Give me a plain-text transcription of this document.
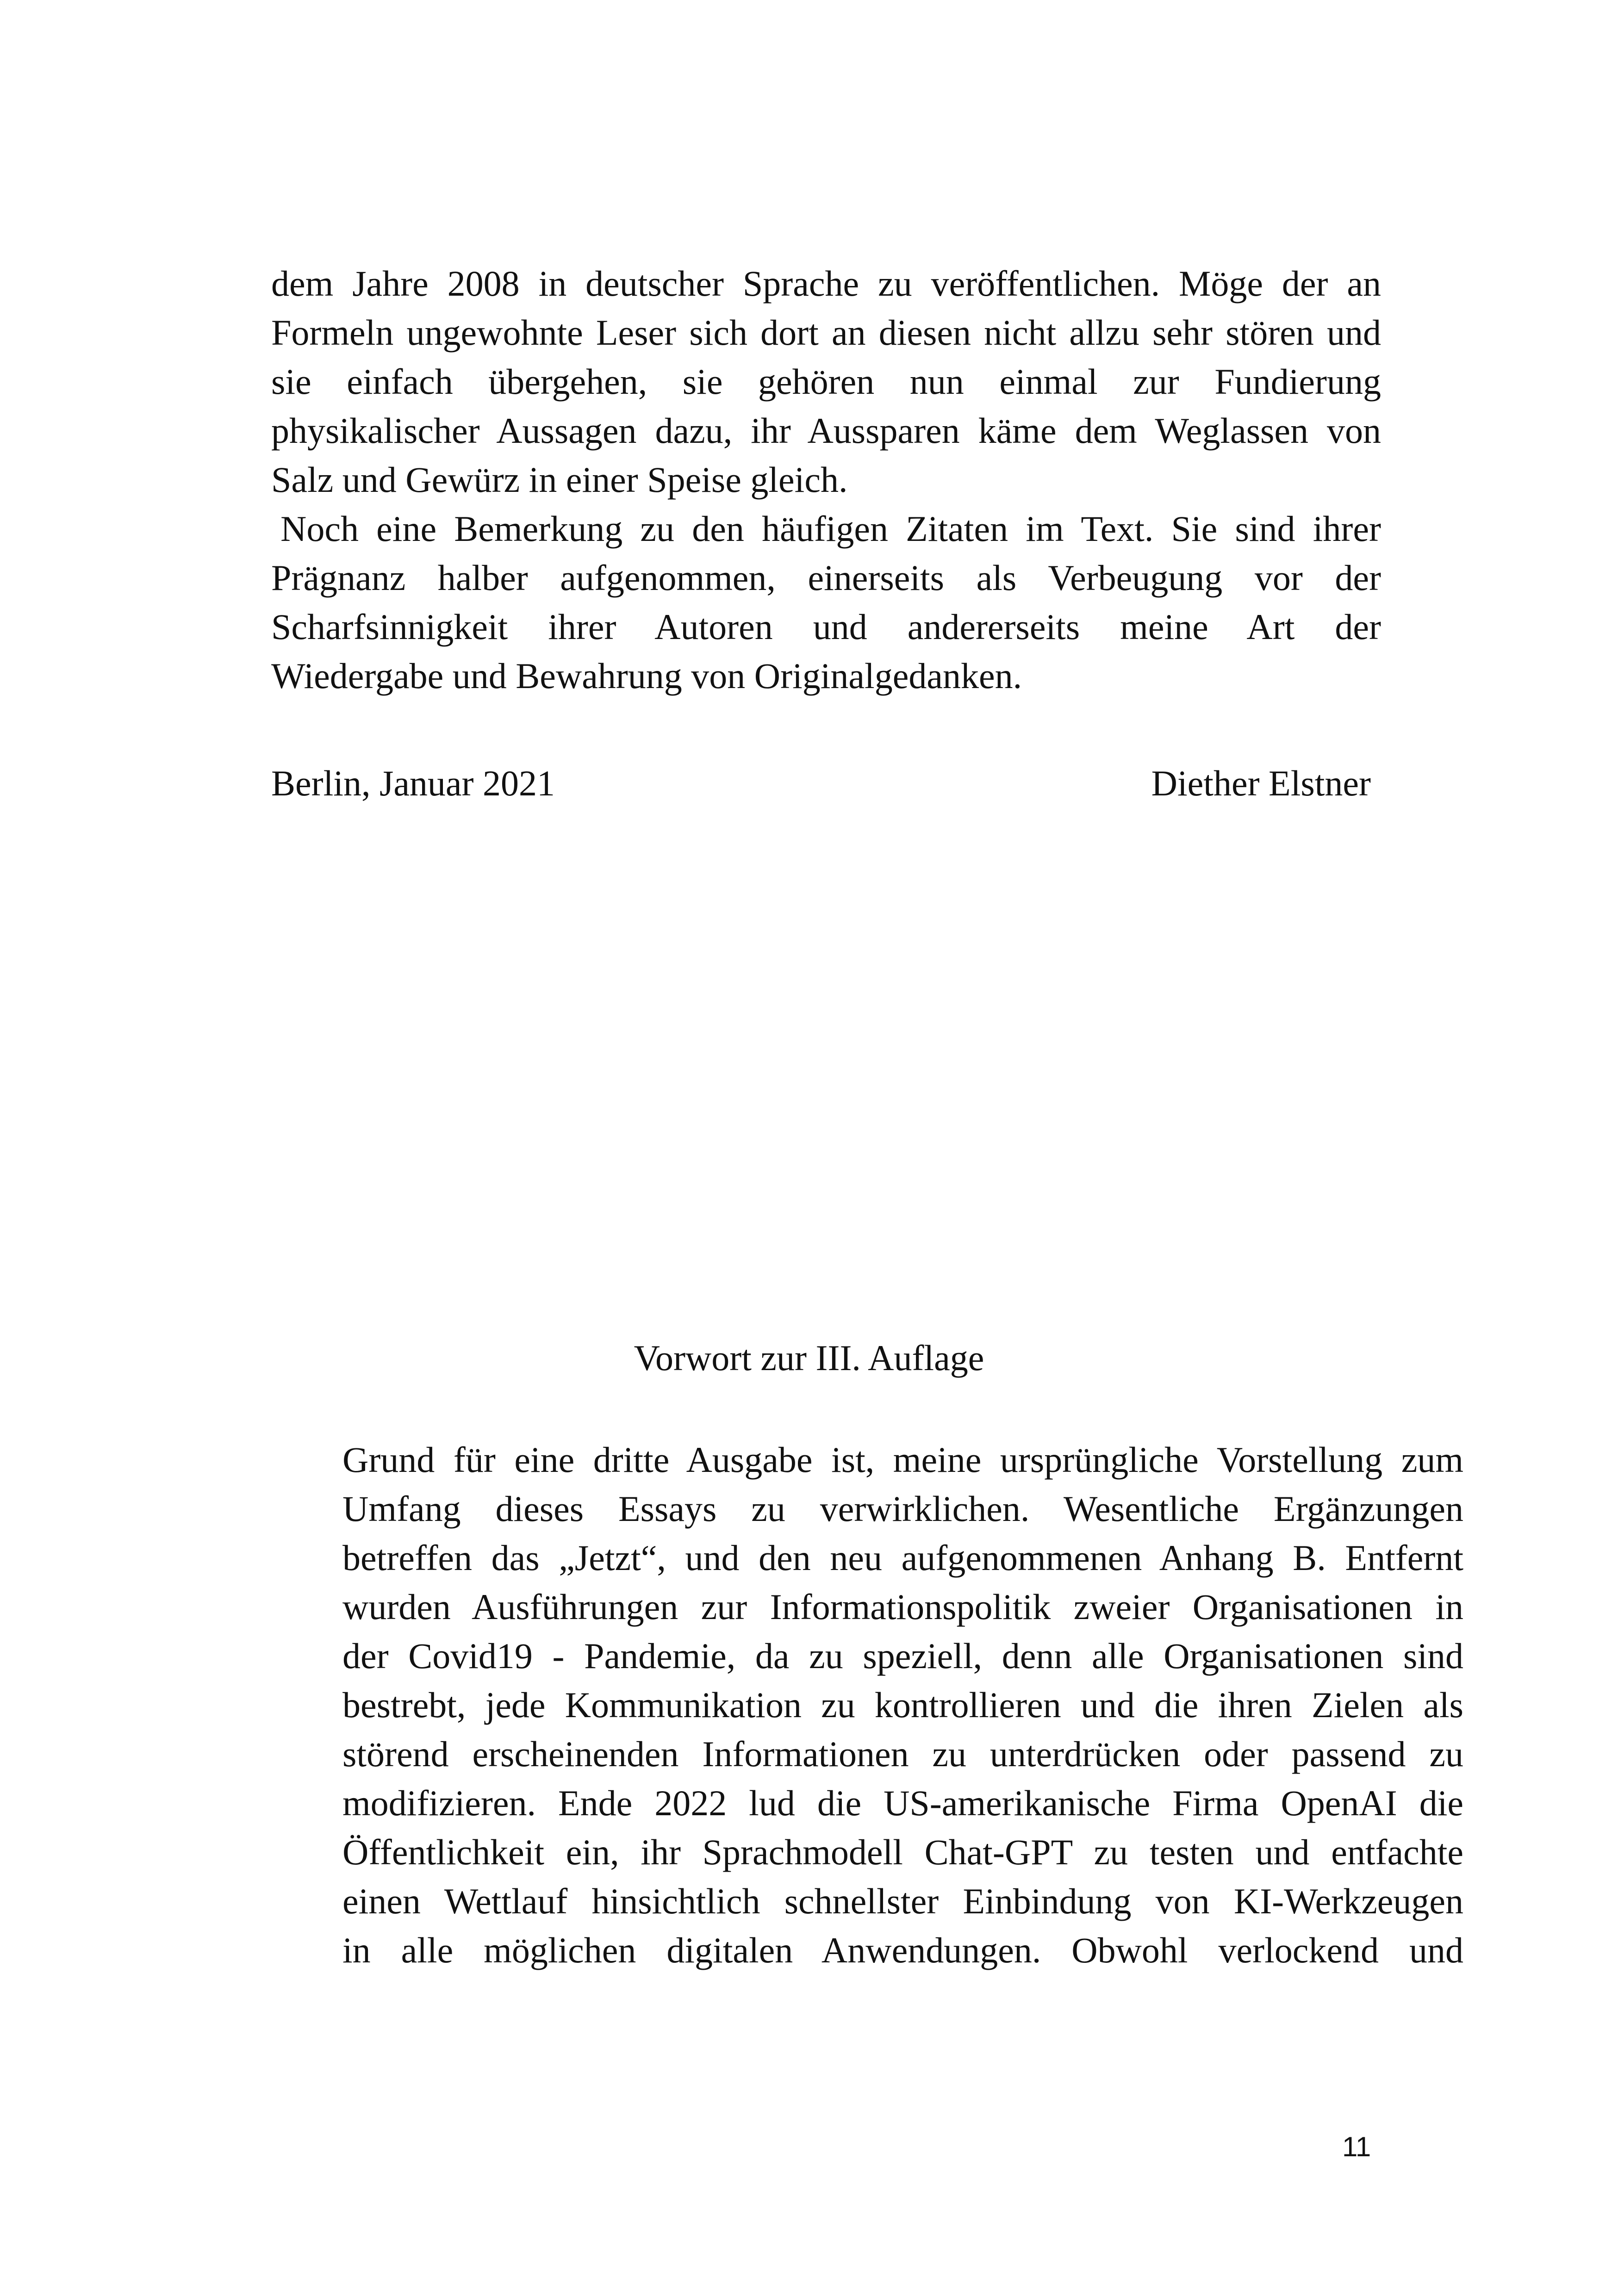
dem Jahre 2008 in deutscher Sprache zu veröffentlichen. Möge der an
Formeln ungewohnte Leser sich dort an diesen nicht allzu sehr stören und
sie einfach übergehen, sie gehören nun einmal zur Fundierung
physikalischer Aussagen dazu, ihr Aussparen käme dem Weglassen von
Salz und Gewürz in einer Speise gleich.
Noch eine Bemerkung zu den häufigen Zitaten im Text. Sie sind ihrer
Prägnanz halber aufgenommen, einerseits als Verbeugung vor der
Scharfsinnigkeit ihrer Autoren und andererseits meine Art der
Wiedergabe und Bewahrung von Originalgedanken.
Berlin, Januar 2021	Diether Elstner
Vorwort zur III. Auflage
Grund für eine dritte Ausgabe ist, meine ursprüngliche Vorstellung zum
Umfang dieses Essays zu verwirklichen. Wesentliche Ergänzungen
betreffen das „Jetzt“, und den neu aufgenommenen Anhang B. Entfernt
wurden Ausführungen zur Informationspolitik zweier Organisationen in
der Covid19 - Pandemie, da zu speziell, denn alle Organisationen sind
bestrebt, jede Kommunikation zu kontrollieren und die ihren Zielen als
störend erscheinenden Informationen zu unterdrücken oder passend zu
modifizieren. Ende 2022 lud die US-amerikanische Firma OpenAI die
Öffentlichkeit ein, ihr Sprachmodell Chat-GPT zu testen und entfachte
einen Wettlauf hinsichtlich schnellster Einbindung von KI-Werkzeugen
in alle möglichen digitalen Anwendungen. Obwohl verlockend und
11
